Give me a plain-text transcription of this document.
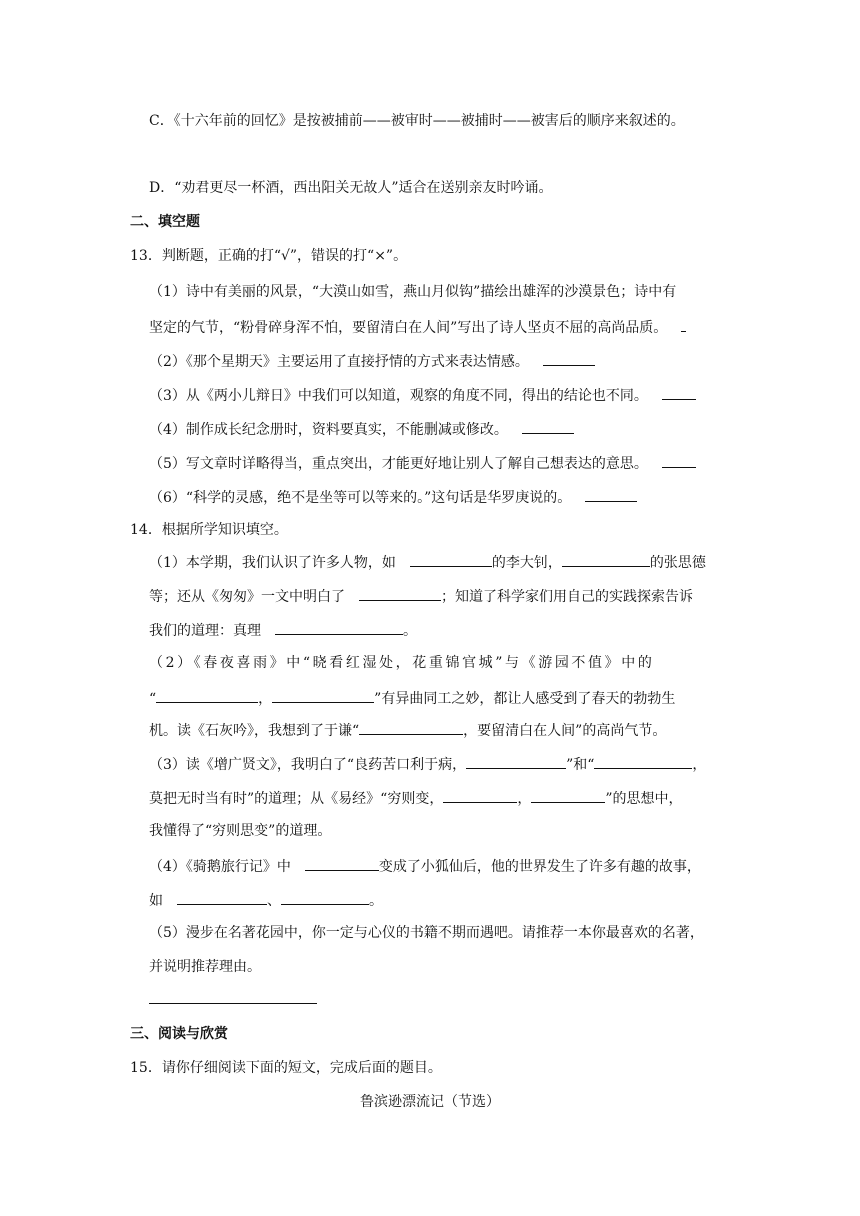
C．《十六年前的回忆》是按被捕前——被审时——被捕时——被害后的顺序来叙述的。
D．“劝君更尽一杯酒，西出阳关无故人”适合在送别亲友时吟诵。
二、填空题
13．判断题，正确的打“√”，错误的打“×”。
（1）诗中有美丽的风景，“大漠山如雪，燕山月似钩”描绘出雄浑的沙漠景色；诗中有
坚定的气节，“粉骨碎身浑不怕，要留清白在人间”写出了诗人坚贞不屈的高尚品质。
（2）《那个星期天》主要运用了直接抒情的方式来表达情感。
（3）从《两小儿辩日》中我们可以知道，观察的角度不同，得出的结论也不同。
（4）制作成长纪念册时，资料要真实，不能删减或修改。
（5）写文章时详略得当，重点突出，才能更好地让别人了解自己想表达的意思。
（6）“科学的灵感，绝不是坐等可以等来的。”这句话是华罗庚说的。
14．根据所学知识填空。
（1）本学期，我们认识了许多人物，如	的李大钊，	的张思德
等；还从《匆匆》一文中明白了	；知道了科学家们用自己的实践探索告诉
我们的道理：真理	。
（2）《春夜喜雨》中“晓看红湿处，花重锦官城”与《游园不值》中的
“	，	”有异曲同工之妙，都让人感受到了春天的勃勃生
机。读《石灰吟》，我想到了于谦“	，要留清白在人间”的高尚气节。
（3）读《增广贤文》，我明白了“良药苦口利于病，	”和“	，
莫把无时当有时”的道理；从《易经》“穷则变，	，	”的思想中，
我懂得了“穷则思变”的道理。
（4）《骑鹅旅行记》中	变成了小狐仙后，他的世界发生了许多有趣的故事，
如	、	。
（5）漫步在名著花园中，你一定与心仪的书籍不期而遇吧。请推荐一本你最喜欢的名著，
并说明推荐理由。
三、阅读与欣赏
15．请你仔细阅读下面的短文，完成后面的题目。
鲁滨逊漂流记（节选）
